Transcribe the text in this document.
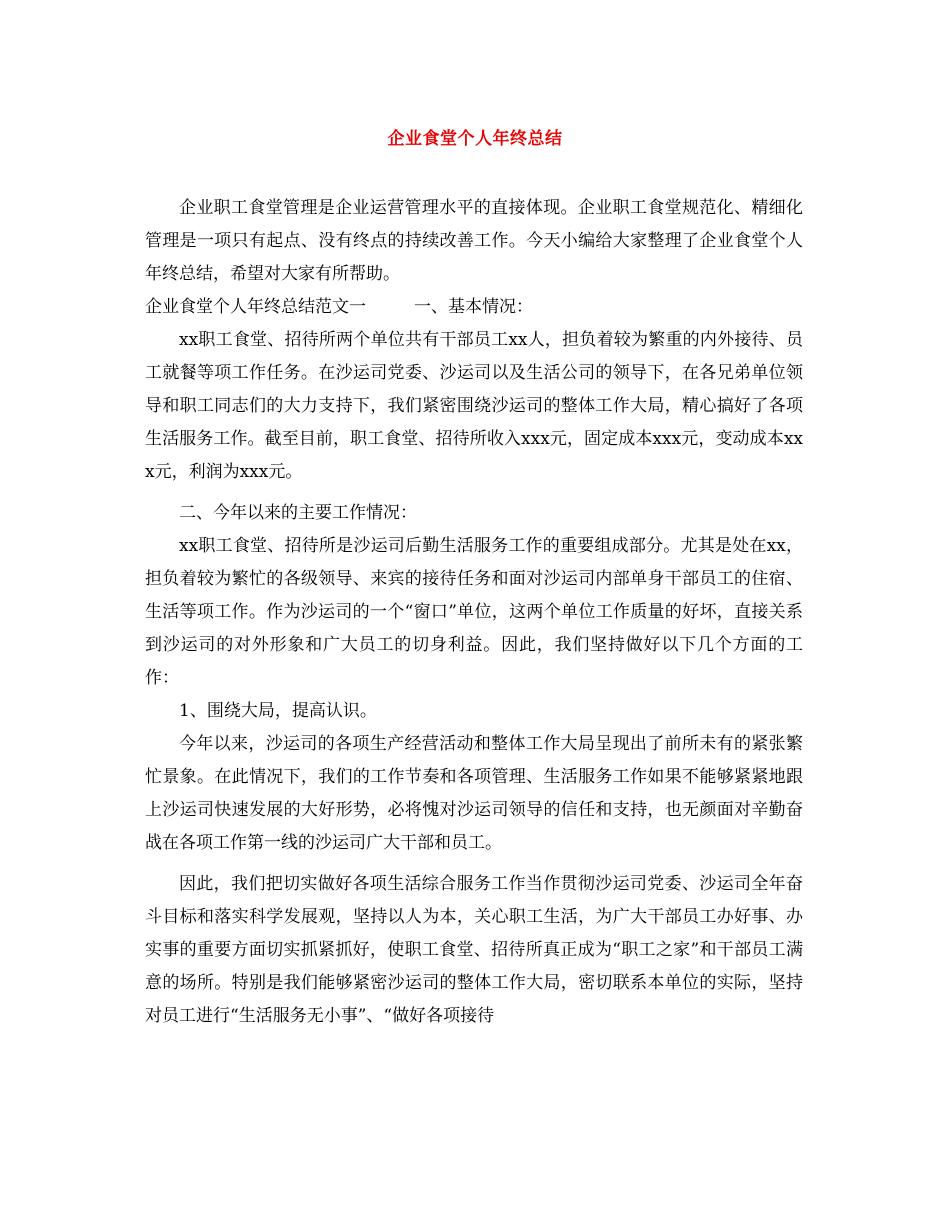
企业食堂个人年终总结

企业职工食堂管理是企业运营管理水平的直接体现。企业职工食堂规范化、精细化管理是一项只有起点、没有终点的持续改善工作。今天小编给大家整理了企业食堂个人年终总结，希望对大家有所帮助。

企业食堂个人年终总结范文一	一、基本情况：

xx职工食堂、招待所两个单位共有干部员工xx人，担负着较为繁重的内外接待、员工就餐等项工作任务。在沙运司党委、沙运司以及生活公司的领导下，在各兄弟单位领导和职工同志们的大力支持下，我们紧密围绕沙运司的整体工作大局，精心搞好了各项生活服务工作。截至目前，职工食堂、招待所收入xxx元，固定成本xxx元，变动成本xxx元，利润为xxx元。

二、今年以来的主要工作情况：

xx职工食堂、招待所是沙运司后勤生活服务工作的重要组成部分。尤其是处在xx，担负着较为繁忙的各级领导、来宾的接待任务和面对沙运司内部单身干部员工的住宿、生活等项工作。作为沙运司的一个“窗口”单位，这两个单位工作质量的好坏，直接关系到沙运司的对外形象和广大员工的切身利益。因此，我们坚持做好以下几个方面的工作：

1、围绕大局，提高认识。

今年以来，沙运司的各项生产经营活动和整体工作大局呈现出了前所未有的紧张繁忙景象。在此情况下，我们的工作节奏和各项管理、生活服务工作如果不能够紧紧地跟上沙运司快速发展的大好形势，必将愧对沙运司领导的信任和支持，也无颜面对辛勤奋战在各项工作第一线的沙运司广大干部和员工。

因此，我们把切实做好各项生活综合服务工作当作贯彻沙运司党委、沙运司全年奋斗目标和落实科学发展观，坚持以人为本，关心职工生活，为广大干部员工办好事、办实事的重要方面切实抓紧抓好，使职工食堂、招待所真正成为“职工之家”和干部员工满意的场所。特别是我们能够紧密沙运司的整体工作大局，密切联系本单位的实际，坚持对员工进行“生活服务无小事”、“做好各项接待
